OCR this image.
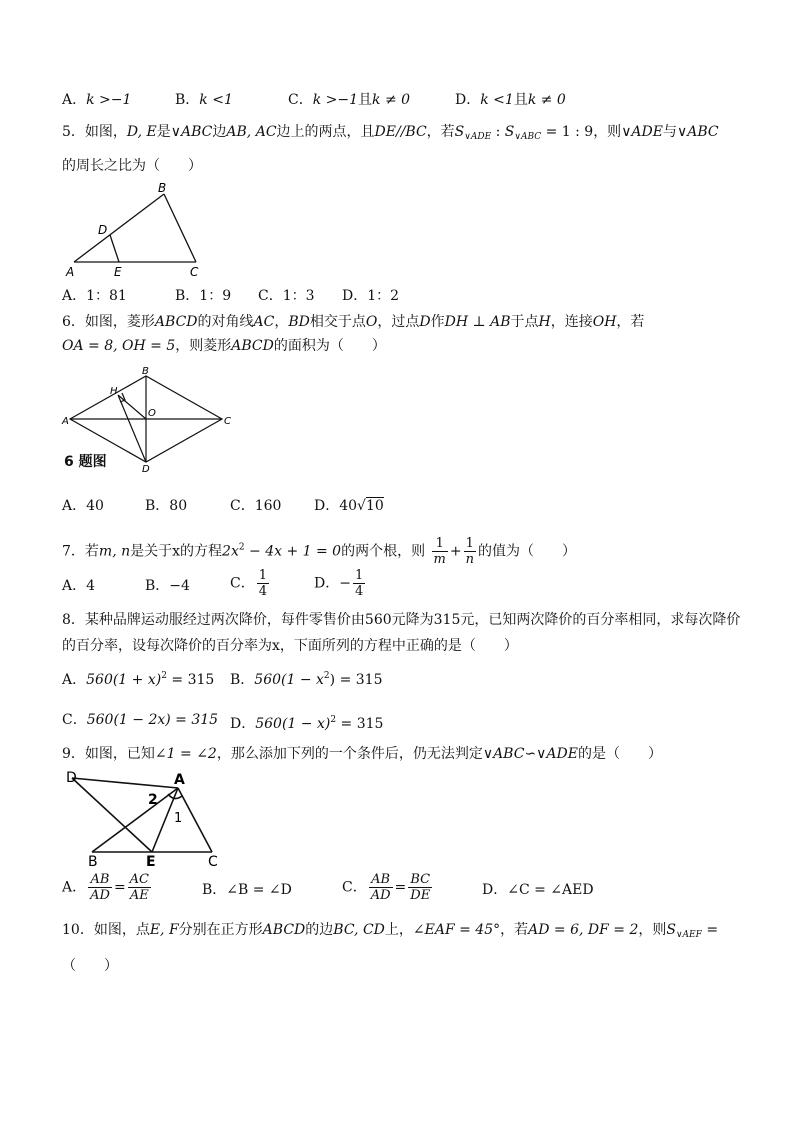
A．k >−1	B．k <1	C．k >−1且k ≠ 0	D．k <1且k ≠ 0
5．如图，D, E是∨ABC边AB, AC边上的两点，且DE//BC，若$S_{\vee ADE}$ : $S_{\vee ABC} = 1$ : 9，则∨ADE与∨ABC
的周长之比为（　　）
A
B
C
D
E
A．1：81	B．1：9 C．1：3 D．1：2
6．如图，菱形ABCD的对角线AC，BD相交于点O，过点D作DH ⊥ AB于点H，连接OH，若
OA = 8, OH = 5，则菱形ABCD的面积为（　　）
A
B
C
D
H
O
6 题图
A．40	B．80	C．160 D．40√10
7．若m, n是关于x的方程$2x^2 - 4x + 1 = 0$的两个根，则 $\frac{1}{m} + \frac{1}{n}$ 的值为（　　）
A．4	B．−4	C． $\frac{1}{4}$	D．− $\frac{1}{4}$
8．某种品牌运动服经过两次降价，每件零售价由560元降为315元，已知两次降价的百分率相同，求每次降价
的百分率，设每次降价的百分率为x，下面所列的方程中正确的是（　　）
A．$560(1 + x)^2 = 315$ B．$560(1 - x^2) = 315$
C．560(1 − 2x) = 315 D．$560(1 - x)^2 = 315$
9．如图，已知∠1 = ∠2，那么添加下列的一个条件后，仍无法判定∨ABC∽∨ADE的是（　　）
D	A
B	E	C
2
1
A． $\frac{AB}{AD} = \frac{AC}{AE}$	B．∠B = ∠D	C． $\frac{AB}{AD} = \frac{BC}{DE}$	D．∠C = ∠AED
10．如图，点E, F分别在正方形ABCD的边BC, CD上，∠EAF = 45°，若AD = 6, DF = 2，则$S_{\vee AEF}$ =
（　　）
